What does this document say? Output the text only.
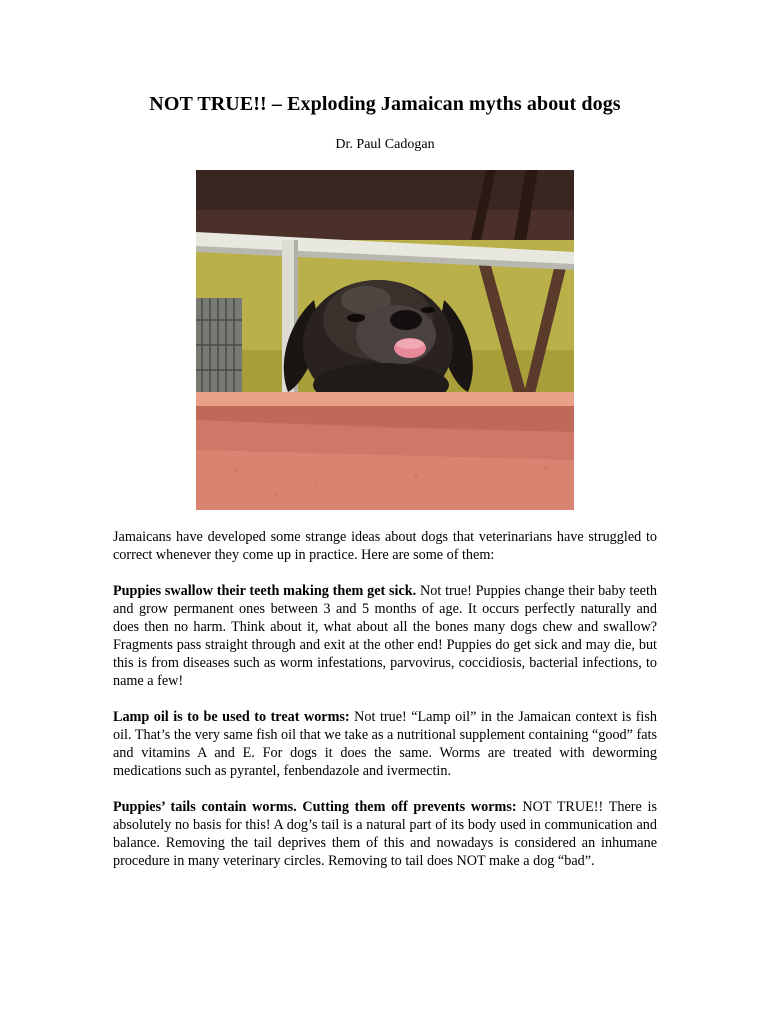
NOT TRUE!! – Exploding Jamaican myths about dogs
Dr. Paul Cadogan

Jamaicans have developed some strange ideas about dogs that veterinarians have struggled to correct whenever they come up in practice. Here are some of them:

Puppies swallow their teeth making them get sick. Not true! Puppies change their baby teeth and grow permanent ones between 3 and 5 months of age. It occurs perfectly naturally and does then no harm. Think about it, what about all the bones many dogs chew and swallow? Fragments pass straight through and exit at the other end! Puppies do get sick and may die, but this is from diseases such as worm infestations, parvovirus, coccidiosis, bacterial infections, to name a few!

Lamp oil is to be used to treat worms: Not true! “Lamp oil” in the Jamaican context is fish oil. That’s the very same fish oil that we take as a nutritional supplement containing “good” fats and vitamins A and E. For dogs it does the same. Worms are treated with deworming medications such as pyrantel, fenbendazole and ivermectin.

Puppies’ tails contain worms. Cutting them off prevents worms: NOT TRUE!! There is absolutely no basis for this! A dog’s tail is a natural part of its body used in communication and balance. Removing the tail deprives them of this and nowadays is considered an inhumane procedure in many veterinary circles. Removing to tail does NOT make a dog “bad”.
